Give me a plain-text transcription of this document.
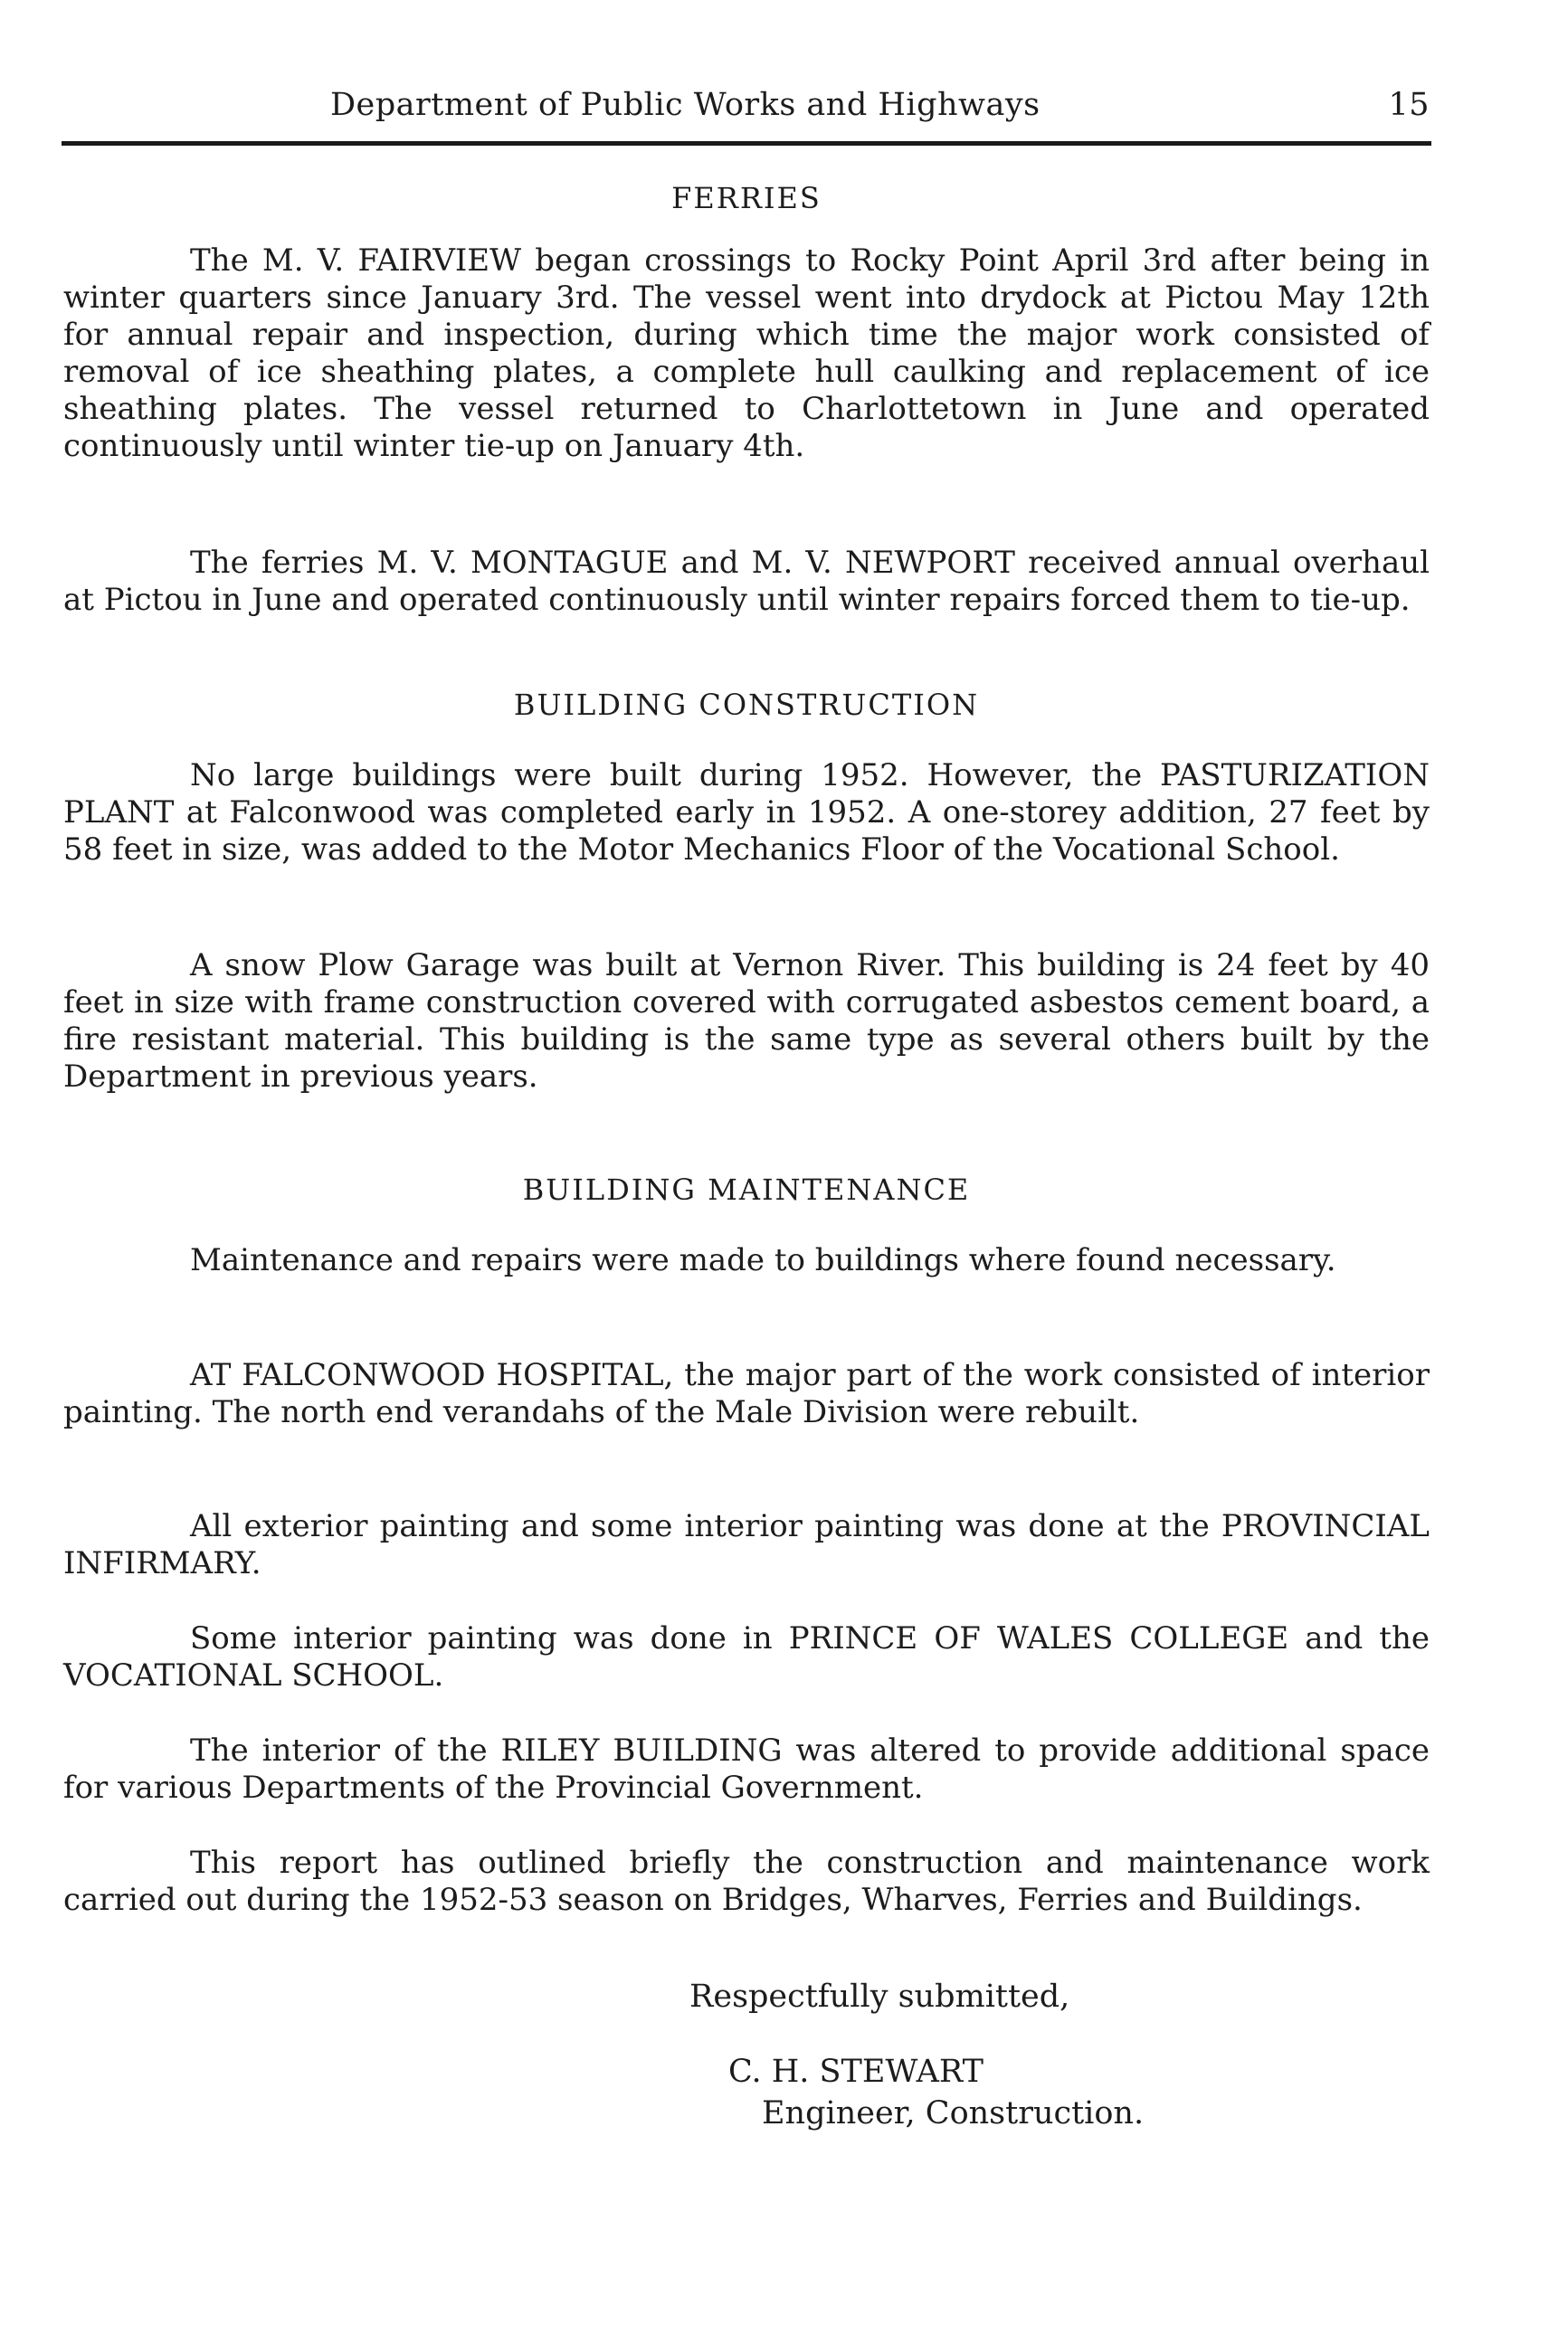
Department of Public Works and Highways	15
FERRIES

The M. V. FAIRVIEW began crossings to Rocky Point April 3rd after being in winter quarters since January 3rd. The vessel went into drydock at Pictou May 12th for annual repair and inspection, during which time the major work consisted of removal of ice sheathing plates, a complete hull caulking and replacement of ice sheathing plates. The vessel returned to Charlottetown in June and operated continuously until winter tie-up on January 4th.

The ferries M. V. MONTAGUE and M. V. NEWPORT received annual overhaul at Pictou in June and operated continuously until winter repairs forced them to tie-up.

BUILDING CONSTRUCTION

No large buildings were built during 1952. However, the PASTURIZATION PLANT at Falconwood was completed early in 1952. A one-storey addition, 27 feet by 58 feet in size, was added to the Motor Mechanics Floor of the Vocational School.

A snow Plow Garage was built at Vernon River. This building is 24 feet by 40 feet in size with frame construction covered with corrugated asbestos cement board, a fire resistant material. This building is the same type as several others built by the Department in previous years.

BUILDING MAINTENANCE

Maintenance and repairs were made to buildings where found necessary.

AT FALCONWOOD HOSPITAL, the major part of the work consisted of interior painting. The north end verandahs of the Male Division were rebuilt.

All exterior painting and some interior painting was done at the PROVINCIAL INFIRMARY.

Some interior painting was done in PRINCE OF WALES COLLEGE and the VOCATIONAL SCHOOL.

The interior of the RILEY BUILDING was altered to provide additional space for various Departments of the Provincial Government.

This report has outlined briefly the construction and maintenance work carried out during the 1952-53 season on Bridges, Wharves, Ferries and Buildings.

Respectfully submitted,
C. H. STEWART
Engineer, Construction.
